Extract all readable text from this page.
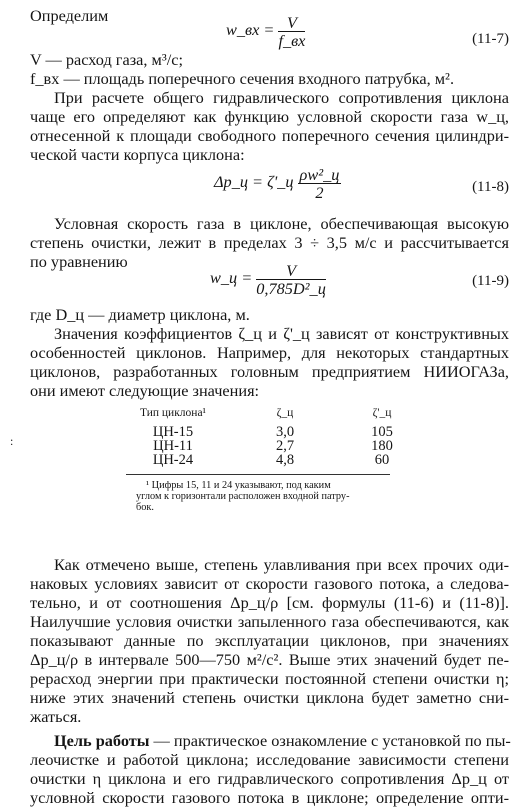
Определим
w_вх = $\frac{V}{f\_вх}$	(11-7)
V — расход газа, м³/с;
f_вх — площадь поперечного сечения входного патрубка, м².
При расчете общего гидравлического сопротивления циклона
чаще его определяют как функцию условной скорости газа w_ц,
отнесенной к площади свободного поперечного сечения цилиндри-
ческой части корпуса циклона:
Δp_ц = ζ'_ц $\frac{\text{ρw²\_ц}}{2}$	(11-8)
Условная скорость газа в циклоне, обеспечивающая высокую
степень очистки, лежит в пределах 3 ÷ 3,5 м/с и рассчитывается
по уравнению
w_ц = $\frac{V}{\text{0,785D²\_ц}}$	(11-9)
где D_ц — диаметр циклона, м.
Значения коэффициентов ζ_ц и ζ'_ц зависят от конструктивных
особенностей циклонов. Например, для некоторых стандартных
циклонов, разработанных головным предприятием НИИОГАЗа,
они имеют следующие значения:
:
Тип циклона¹	ζ_ц	ζ'_ц
ЦН-15	3,0	105
ЦН-11	2,7	180
ЦН-24	4,8	60
¹ Цифры 15, 11 и 24 указывают, под каким
углом к горизонтали расположен входной патру-
бок.
Как отмечено выше, степень улавливания при всех прочих оди-
наковых условиях зависит от скорости газового потока, а следова-
тельно, и от соотношения Δp_ц/ρ [см. формулы (11-6) и (11-8)].
Наилучшие условия очистки запыленного газа обеспечиваются, как
показывают данные по эксплуатации циклонов, при значениях
Δp_ц/ρ в интервале 500—750 м²/с². Выше этих значений будет пе-
рерасход энергии при практически постоянной степени очистки η;
ниже этих значений степень очистки циклона будет заметно сни-
жаться.
Цель работы — практическое ознакомление с установкой по пы-
леочистке и работой циклона; исследование зависимости степени
очистки η циклона и его гидравлического сопротивления Δp_ц от
условной скорости газового потока в циклоне; определение опти-
